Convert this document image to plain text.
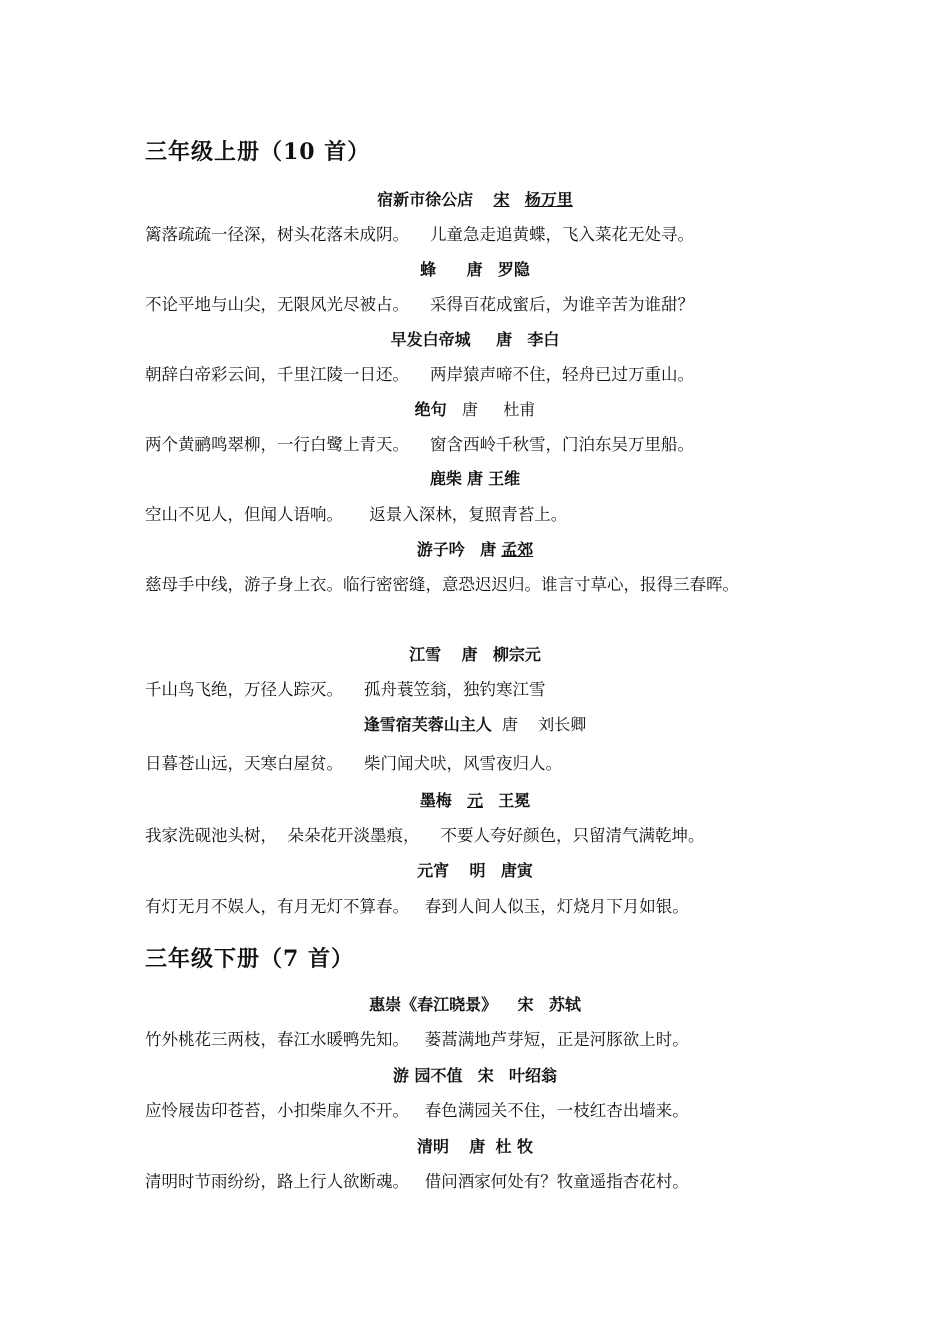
三年级上册（10 首）
宿新市徐公店 宋 杨万里
篱落疏疏一径深，树头花落未成阴。    儿童急走追黄蝶，飞入菜花无处寻。
蜂 唐 罗隐
不论平地与山尖，无限风光尽被占。    采得百花成蜜后，为谁辛苦为谁甜？
早发白帝城 唐 李白
朝辞白帝彩云间，千里江陵一日还。    两岸猿声啼不住，轻舟已过万重山。
绝句 唐 杜甫
两个黄鹂鸣翠柳，一行白鹭上青天。    窗含西岭千秋雪，门泊东吴万里船。
鹿柴 唐 王维
空山不见人，但闻人语响。     返景入深林，复照青苔上。
游子吟 唐 孟郊
慈母手中线，游子身上衣。临行密密缝，意恐迟迟归。谁言寸草心，报得三春晖。
江雪 唐 柳宗元
千山鸟飞绝，万径人踪灭。    孤舟蓑笠翁，独钓寒江雪
逢雪宿芙蓉山主人 唐 刘长卿
日暮苍山远，天寒白屋贫。    柴门闻犬吠，风雪夜归人。
墨梅 元 王冕
我家洗砚池头树，  朵朵花开淡墨痕，    不要人夸好颜色，只留清气满乾坤。
元宵 明 唐寅
有灯无月不娱人，有月无灯不算春。   春到人间人似玉，灯烧月下月如银。
三年级下册（7 首）
惠崇《春江晓景》 宋 苏轼
竹外桃花三两枝，春江水暖鸭先知。   蒌蒿满地芦芽短，正是河豚欲上时。
游 园不值 宋 叶绍翁
应怜屐齿印苍苔，小扣柴扉久不开。   春色满园关不住，一枝红杏出墙来。
清明 唐 杜 牧
清明时节雨纷纷，路上行人欲断魂。   借问酒家何处有？牧童遥指杏花村。
